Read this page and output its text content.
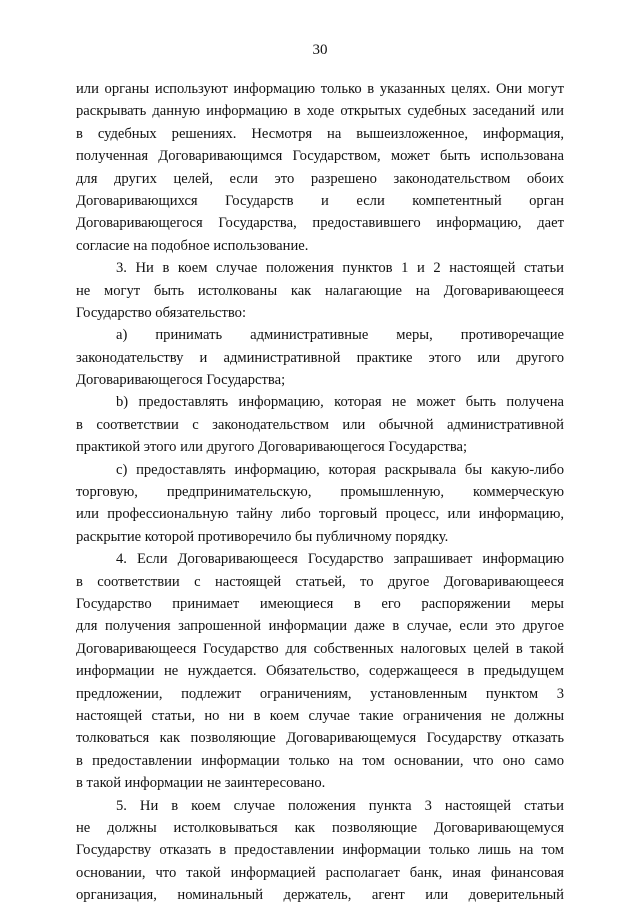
30
или органы используют информацию только в указанных целях. Они могут
раскрывать данную информацию в ходе открытых судебных заседаний или
в судебных решениях. Несмотря на вышеизложенное, информация,
полученная Договаривающимся Государством, может быть использована
для других целей, если это разрешено законодательством обоих
Договаривающихся Государств и если компетентный орган
Договаривающегося Государства, предоставившего информацию, дает
согласие на подобное использование.
3. Ни в коем случае положения пунктов 1 и 2 настоящей статьи
не могут быть истолкованы как налагающие на Договаривающееся
Государство обязательство:
a) принимать административные меры, противоречащие
законодательству и административной практике этого или другого
Договаривающегося Государства;
b) предоставлять информацию, которая не может быть получена
в соответствии с законодательством или обычной административной
практикой этого или другого Договаривающегося Государства;
c) предоставлять информацию, которая раскрывала бы какую-либо
торговую, предпринимательскую, промышленную, коммерческую
или профессиональную тайну либо торговый процесс, или информацию,
раскрытие которой противоречило бы публичному порядку.
4. Если Договаривающееся Государство запрашивает информацию
в соответствии с настоящей статьей, то другое Договаривающееся
Государство принимает имеющиеся в его распоряжении меры
для получения запрошенной информации даже в случае, если это другое
Договаривающееся Государство для собственных налоговых целей в такой
информации не нуждается. Обязательство, содержащееся в предыдущем
предложении, подлежит ограничениям, установленным пунктом 3
настоящей статьи, но ни в коем случае такие ограничения не должны
толковаться как позволяющие Договаривающемуся Государству отказать
в предоставлении информации только на том основании, что оно само
в такой информации не заинтересовано.
5. Ни в коем случае положения пункта 3 настоящей статьи
не должны истолковываться как позволяющие Договаривающемуся
Государству отказать в предоставлении информации только лишь на том
основании, что такой информацией располагает банк, иная финансовая
организация, номинальный держатель, агент или доверительный
